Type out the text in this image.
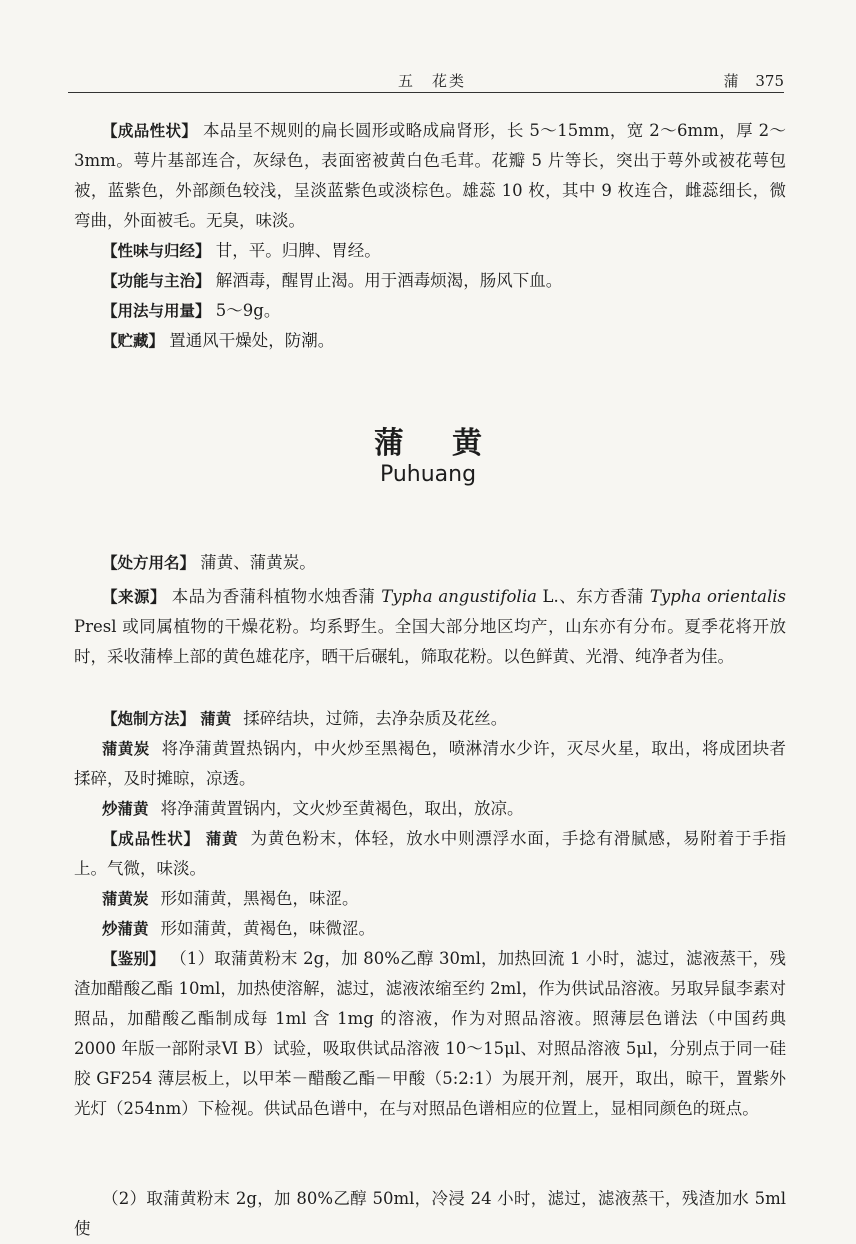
五　花类	蒲 375
【成品性状】 本品呈不规则的扁长圆形或略成扁肾形，长 5～15mm，宽 2～6mm，厚 2～3mm。萼片基部连合，灰绿色，表面密被黄白色毛茸。花瓣 5 片等长，突出于萼外或被花萼包被，蓝紫色，外部颜色较浅，呈淡蓝紫色或淡棕色。雄蕊 10 枚，其中 9 枚连合，雌蕊细长，微弯曲，外面被毛。无臭，味淡。
【性味与归经】 甘，平。归脾、胃经。
【功能与主治】 解酒毒，醒胃止渴。用于酒毒烦渴，肠风下血。
【用法与用量】 5～9g。
【贮藏】 置通风干燥处，防潮。
蒲黄
Puhuang
【处方用名】 蒲黄、蒲黄炭。
【来源】 本品为香蒲科植物水烛香蒲 Typha angustifolia L.、东方香蒲 Typha orientalis Presl 或同属植物的干燥花粉。均系野生。全国大部分地区均产，山东亦有分布。夏季花将开放时，采收蒲棒上部的黄色雄花序，晒干后碾轧，筛取花粉。以色鲜黄、光滑、纯净者为佳。
【炮制方法】 蒲黄 揉碎结块，过筛，去净杂质及花丝。
蒲黄炭 将净蒲黄置热锅内，中火炒至黑褐色，喷淋清水少许，灭尽火星，取出，将成团块者揉碎，及时摊晾，凉透。
炒蒲黄 将净蒲黄置锅内，文火炒至黄褐色，取出，放凉。
【成品性状】 蒲黄 为黄色粉末，体轻，放水中则漂浮水面，手捻有滑腻感，易附着于手指上。气微，味淡。
蒲黄炭 形如蒲黄，黑褐色，味涩。
炒蒲黄 形如蒲黄，黄褐色，味微涩。
【鉴别】 （1）取蒲黄粉末 2g，加 80%乙醇 30ml，加热回流 1 小时，滤过，滤液蒸干，残渣加醋酸乙酯 10ml，加热使溶解，滤过，滤液浓缩至约 2ml，作为供试品溶液。另取异鼠李素对照品，加醋酸乙酯制成每 1ml 含 1mg 的溶液，作为对照品溶液。照薄层色谱法（中国药典 2000 年版一部附录Ⅵ B）试验，吸取供试品溶液 10～15μl、对照品溶液 5μl，分别点于同一硅胶 GF254 薄层板上，以甲苯－醋酸乙酯－甲酸（5:2:1）为展开剂，展开，取出，晾干，置紫外光灯（254nm）下检视。供试品色谱中，在与对照品色谱相应的位置上，显相同颜色的斑点。
（2）取蒲黄粉末 2g，加 80%乙醇 50ml，冷浸 24 小时，滤过，滤液蒸干，残渣加水 5ml 使
